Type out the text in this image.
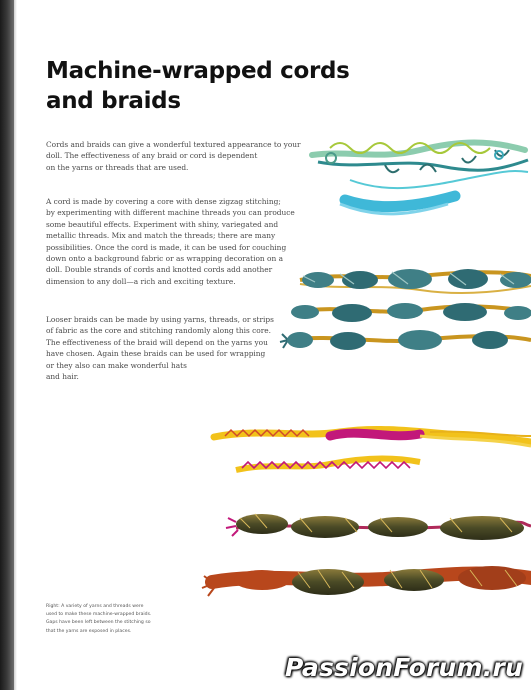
Machine-wrapped cords
and braids
Cords and braids can give a wonderful textured appearance to your
doll. The effectiveness of any braid or cord is dependent
on the yarns or threads that are used.
A cord is made by covering a core with dense zigzag stitching;
by experimenting with different machine threads you can produce
some beautiful effects. Experiment with shiny, variegated and
metallic threads. Mix and match the threads; there are many
possibilities. Once the cord is made, it can be used for couching
down onto a background fabric or as wrapping decoration on a
doll. Double strands of cords and knotted cords add another
dimension to any doll—a rich and exciting texture.
Looser braids can be made by using yarns, threads, or strips
of fabric as the core and stitching randomly along this core.
The effectiveness of the braid will depend on the yarns you
have chosen. Again these braids can be used for wrapping
or they also can make wonderful hats
and hair.
Right: A variety of yarns and threads were
used to make these machine-wrapped braids.
Gaps have been left between the stitching so
that the yarns are exposed in places.

PassionForum.ru
